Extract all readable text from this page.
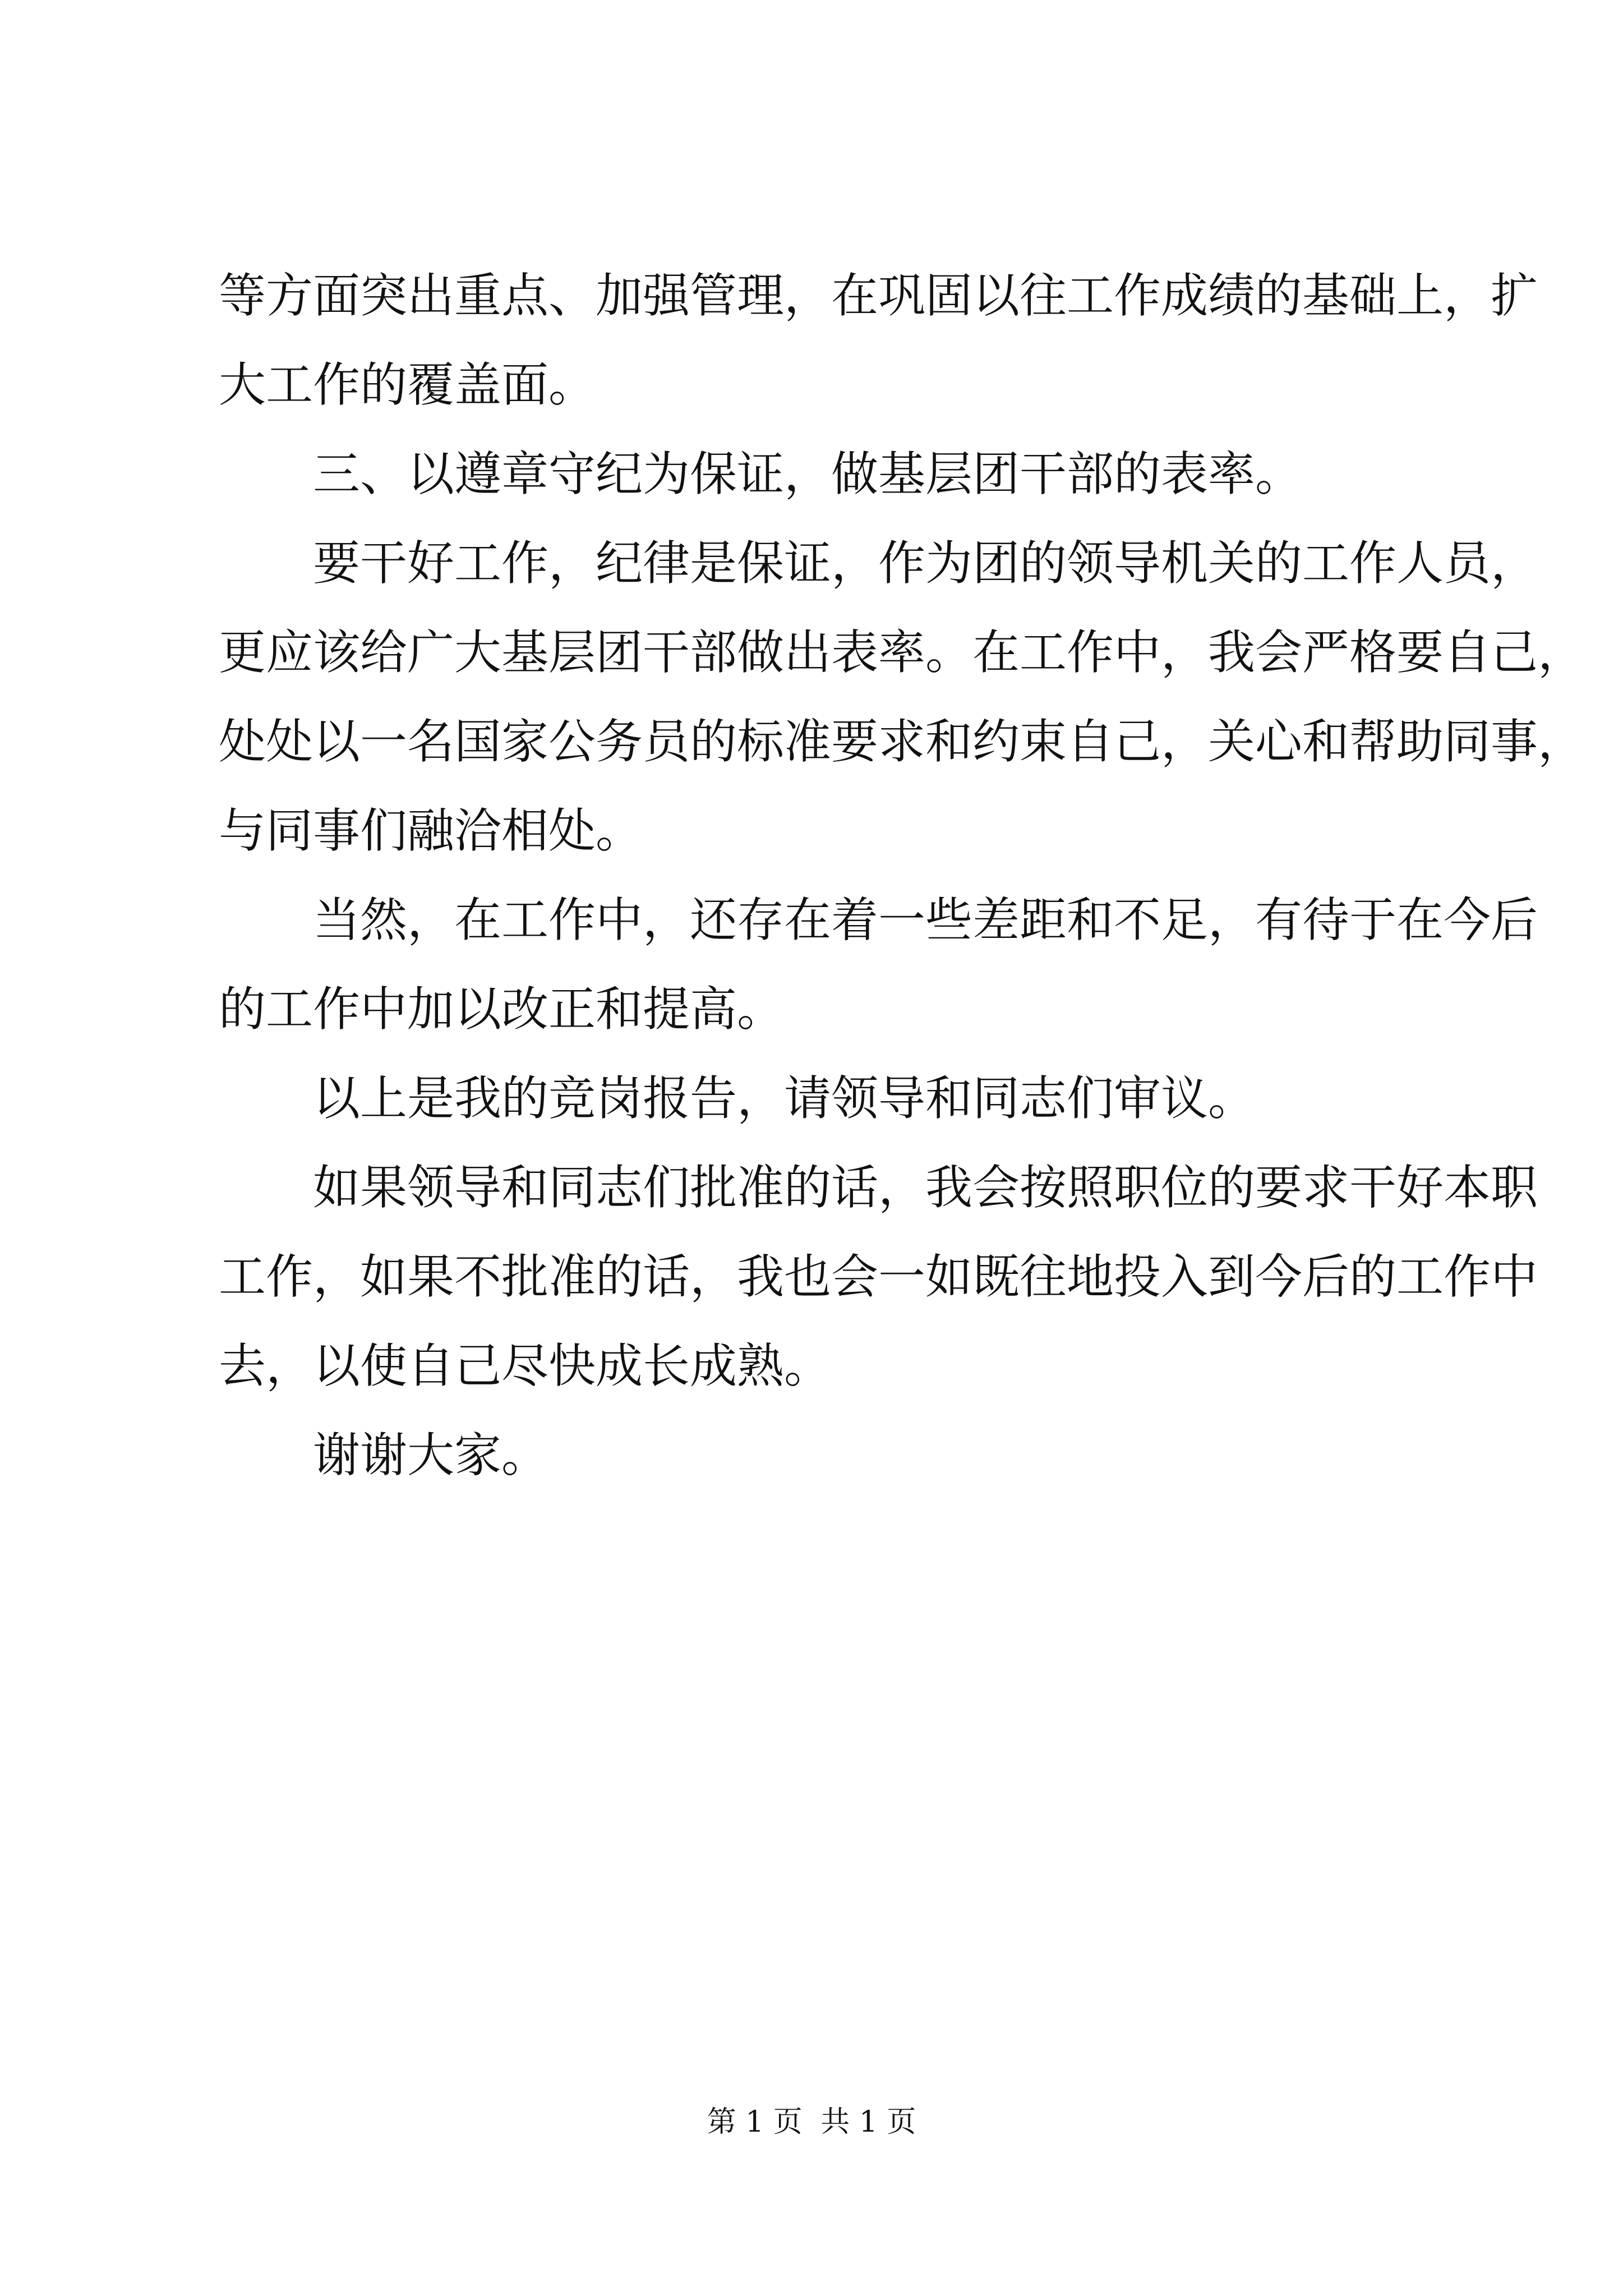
等方面突出重点、加强管理，在巩固以往工作成绩的基础上，扩
大工作的覆盖面。
三、以遵章守纪为保证，做基层团干部的表率。
要干好工作，纪律是保证，作为团的领导机关的工作人员，
更应该给广大基层团干部做出表率。在工作中，我会严格要自己，
处处以一名国家公务员的标准要求和约束自己，关心和帮助同事，
与同事们融洽相处。
当然，在工作中，还存在着一些差距和不足，有待于在今后
的工作中加以改正和提高。
以上是我的竞岗报告，请领导和同志们审议。
如果领导和同志们批准的话，我会按照职位的要求干好本职
工作，如果不批准的话，我也会一如既往地投入到今后的工作中
去，以使自己尽快成长成熟。
谢谢大家。
第 1 页 共 1 页
